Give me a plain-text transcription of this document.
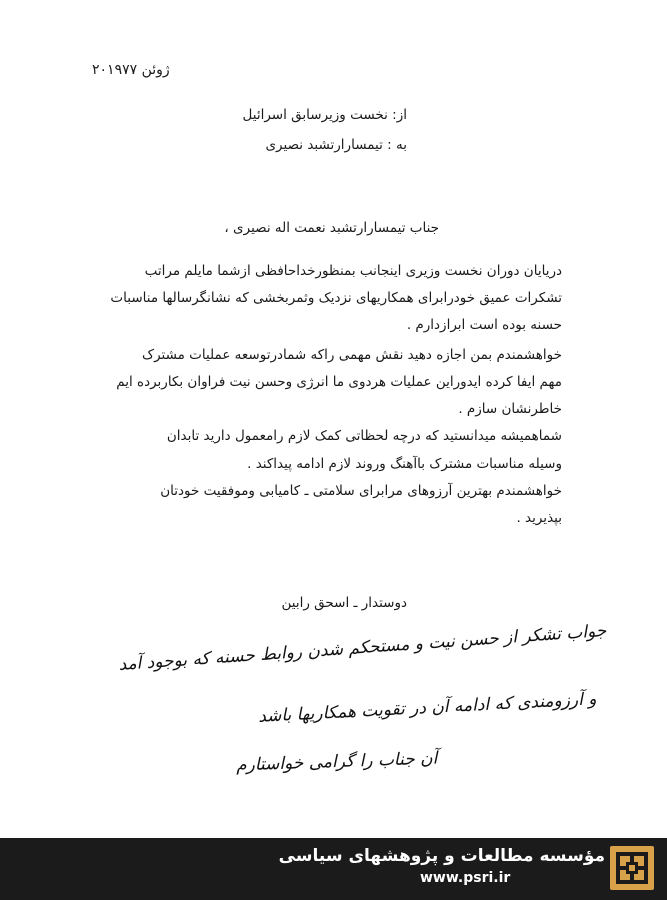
۲۰ژوئن ۱۹۷۷
از: نخست وزیرسابق اسرائیل
به : تیمسارارتشبد نصیری
جناب تیمسارارتشبد نعمت اله نصیری ،
دریایان دوران نخست وزیری اینجانب بمنظورخداحافظی ازشما مایلم مراتب
تشکرات عمیق خودرابرای همکاریهای نزدیک وثمربخشی که نشانگرسالها مناسبات
حسنه بوده است ابرازدارم .
خواهشمندم بمن اجازه دهید نقش مهمی راکه شمادرتوسعه عملیات مشترک
مهم ایفا کرده ایدوراین عملیات هردوی ما انرژی وحسن نیت فراوان بکاربرده ایم
خاطرنشان سازم .
شماهمیشه میدانستید که درچه لحظاتی کمک لازم رامعمول دارید تابدان
وسیله مناسبات مشترک باآهنگ وروند لازم ادامه پیداکند .
خواهشمندم بهترین آرزوهای مرابرای سلامتی ـ کامیابی وموفقیت خودتان
بپذیرید .
دوستدار ـ اسحق رابین
جواب تشکر از حسن نیت و مستحکم شدن روابط حسنه که بوجود آمد
و آرزومندی که ادامه آن در تقویت همکاریها باشد
آن جناب را گرامی خواستارم
مؤسسه مطالعات و پژوهشهای سیاسی
www.psri.ir
